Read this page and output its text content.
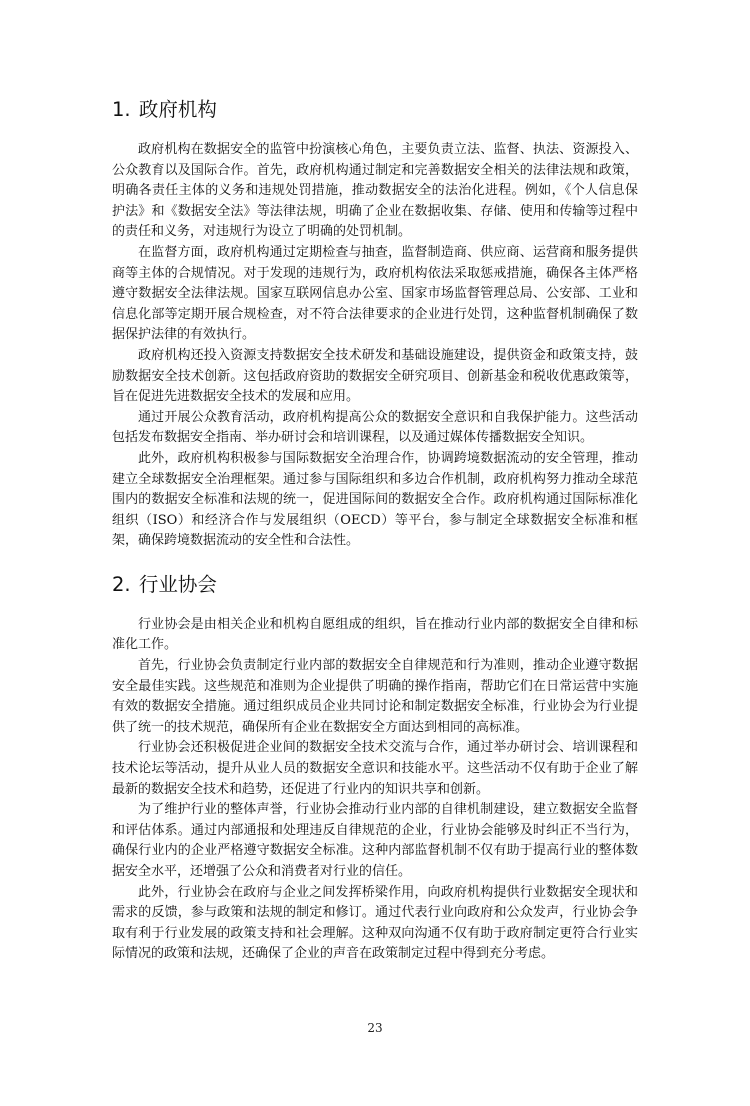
1. 政府机构

政府机构在数据安全的监管中扮演核心角色，主要负责立法、监督、执法、资源投入、公众教育以及国际合作。首先，政府机构通过制定和完善数据安全相关的法律法规和政策，明确各责任主体的义务和违规处罚措施，推动数据安全的法治化进程。例如，《个人信息保护法》和《数据安全法》等法律法规，明确了企业在数据收集、存储、使用和传输等过程中的责任和义务，对违规行为设立了明确的处罚机制。

在监督方面，政府机构通过定期检查与抽查，监督制造商、供应商、运营商和服务提供商等主体的合规情况。对于发现的违规行为，政府机构依法采取惩戒措施，确保各主体严格遵守数据安全法律法规。国家互联网信息办公室、国家市场监督管理总局、公安部、工业和信息化部等定期开展合规检查，对不符合法律要求的企业进行处罚，这种监督机制确保了数据保护法律的有效执行。

政府机构还投入资源支持数据安全技术研发和基础设施建设，提供资金和政策支持，鼓励数据安全技术创新。这包括政府资助的数据安全研究项目、创新基金和税收优惠政策等，旨在促进先进数据安全技术的发展和应用。

通过开展公众教育活动，政府机构提高公众的数据安全意识和自我保护能力。这些活动包括发布数据安全指南、举办研讨会和培训课程，以及通过媒体传播数据安全知识。

此外，政府机构积极参与国际数据安全治理合作，协调跨境数据流动的安全管理，推动建立全球数据安全治理框架。通过参与国际组织和多边合作机制，政府机构努力推动全球范围内的数据安全标准和法规的统一，促进国际间的数据安全合作。政府机构通过国际标准化组织（ISO）和经济合作与发展组织（OECD）等平台，参与制定全球数据安全标准和框架，确保跨境数据流动的安全性和合法性。

2. 行业协会

行业协会是由相关企业和机构自愿组成的组织，旨在推动行业内部的数据安全自律和标准化工作。

首先，行业协会负责制定行业内部的数据安全自律规范和行为准则，推动企业遵守数据安全最佳实践。这些规范和准则为企业提供了明确的操作指南，帮助它们在日常运营中实施有效的数据安全措施。通过组织成员企业共同讨论和制定数据安全标准，行业协会为行业提供了统一的技术规范，确保所有企业在数据安全方面达到相同的高标准。

行业协会还积极促进企业间的数据安全技术交流与合作，通过举办研讨会、培训课程和技术论坛等活动，提升从业人员的数据安全意识和技能水平。这些活动不仅有助于企业了解最新的数据安全技术和趋势，还促进了行业内的知识共享和创新。

为了维护行业的整体声誉，行业协会推动行业内部的自律机制建设，建立数据安全监督和评估体系。通过内部通报和处理违反自律规范的企业，行业协会能够及时纠正不当行为，确保行业内的企业严格遵守数据安全标准。这种内部监督机制不仅有助于提高行业的整体数据安全水平，还增强了公众和消费者对行业的信任。

此外，行业协会在政府与企业之间发挥桥梁作用，向政府机构提供行业数据安全现状和需求的反馈，参与政策和法规的制定和修订。通过代表行业向政府和公众发声，行业协会争取有利于行业发展的政策支持和社会理解。这种双向沟通不仅有助于政府制定更符合行业实际情况的政策和法规，还确保了企业的声音在政策制定过程中得到充分考虑。

23
